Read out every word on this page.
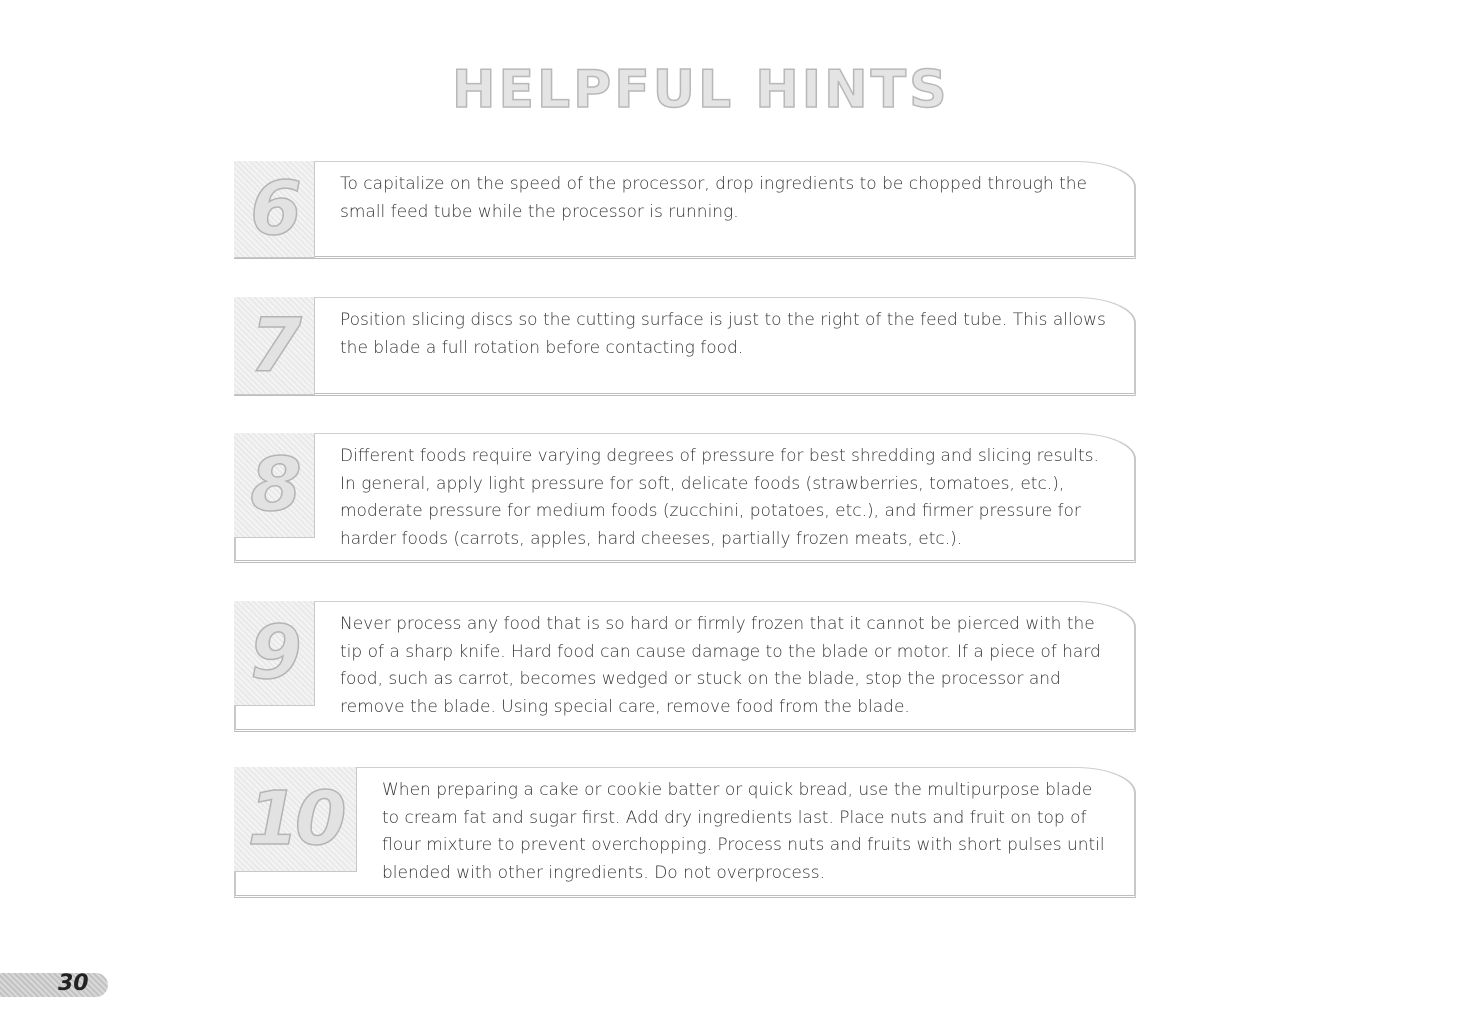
HELPFUL HINTS
6 To capitalize on the speed of the processor, drop ingredients to be chopped through the small feed tube while the processor is running.

7 Position slicing discs so the cutting surface is just to the right of the feed tube. This allows the blade a full rotation before contacting food.

8 Different foods require varying degrees of pressure for best shredding and slicing results. In general, apply light pressure for soft, delicate foods (strawberries, tomatoes, etc.), moderate pressure for medium foods (zucchini, potatoes, etc.), and firmer pressure for harder foods (carrots, apples, hard cheeses, partially frozen meats, etc.).

9 Never process any food that is so hard or firmly frozen that it cannot be pierced with the tip of a sharp knife. Hard food can cause damage to the blade or motor. If a piece of hard food, such as carrot, becomes wedged or stuck on the blade, stop the processor and remove the blade. Using special care, remove food from the blade.

10 When preparing a cake or cookie batter or quick bread, use the multipurpose blade to cream fat and sugar first. Add dry ingredients last. Place nuts and fruit on top of flour mixture to prevent overchopping. Process nuts and fruits with short pulses until blended with other ingredients. Do not overprocess.

30
